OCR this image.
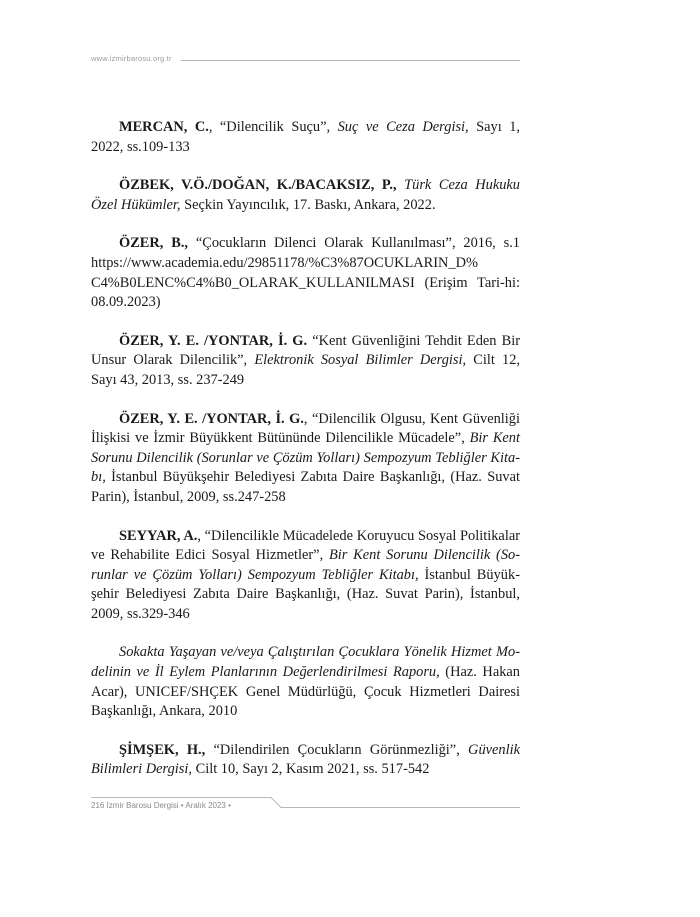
www.izmirbarosu.org.tr

MERCAN, C., “Dilencilik Suçu”, Suç ve Ceza Dergisi, Sayı 1, 2022, ss.109-133

ÖZBEK, V.Ö./DOĞAN, K./BACAKSIZ, P., Türk Ceza Hukuku Özel Hükümler, Seçkin Yayıncılık, 17. Baskı, Ankara, 2022.

ÖZER, B., “Çocukların Dilenci Olarak Kullanılması”, 2016, s.1 https://www.academia.edu/29851178/%C3%87OCUKLARIN_D%​C4%B0LENC%C4%B0_OLARAK_KULLANILMASI (Erişim Tari-hi: 08.09.2023)

ÖZER, Y. E. /YONTAR, İ. G. “Kent Güvenliğini Tehdit Eden Bir Unsur Olarak Dilencilik”, Elektronik Sosyal Bilimler Dergisi, Cilt 12, Sayı 43, 2013, ss. 237-249

ÖZER, Y. E. /YONTAR, İ. G., “Dilencilik Olgusu, Kent Güvenliği İlişkisi ve İzmir Büyükkent Bütününde Dilencilikle Mücadele”, Bir Kent Sorunu Dilencilik (Sorunlar ve Çözüm Yolları) Sempozyum Tebliğler Kitabı, İstanbul Büyükşehir Belediyesi Zabıta Daire Başkanlığı, (Haz. Suvat Parin), İstanbul, 2009, ss.247-258

SEYYAR, A., “Dilencilikle Mücadelede Koruyucu Sosyal Politikalar ve Rehabilite Edici Sosyal Hizmetler”, Bir Kent Sorunu Dilencilik (Sorunlar ve Çözüm Yolları) Sempozyum Tebliğler Kitabı, İstanbul Büyükşehir Belediyesi Zabıta Daire Başkanlığı, (Haz. Suvat Parin), İstanbul, 2009, ss.329-346

Sokakta Yaşayan ve/veya Çalıştırılan Çocuklara Yönelik Hizmet Modelinin ve İl Eylem Planlarının Değerlendirilmesi Raporu, (Haz. Hakan Acar), UNICEF/SHÇEK Genel Müdürlüğü, Çocuk Hizmetleri Dairesi Başkanlığı, Ankara, 2010

ŞİMŞEK, H., “Dilendirilen Çocukların Görünmezliği”, Güvenlik Bilimleri Dergisi, Cilt 10, Sayı 2, Kasım 2021, ss. 517-542

216 İzmir Barosu Dergisi • Aralık 2023 •
